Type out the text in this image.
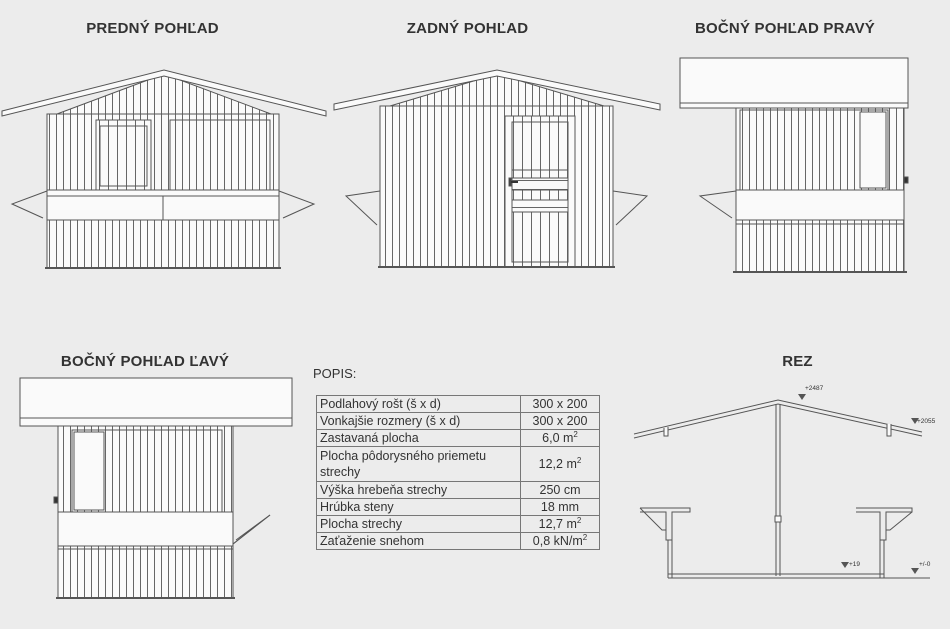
PREDNÝ POHĽAD	ZADNÝ POHĽAD	BOČNÝ POHĽAD PRAVÝ
BOČNÝ POHĽAD ĽAVÝ	REZ
+2487
+2055
+19	+/-0
POPIS:
Podlahový rošt (š x d)	300 x 200
Vonkajšie rozmery (š x d)	300 x 200
Zastavaná plocha	6,0 $m^2$
Plocha pôdorysného priemetu strechy	12,2 $m^2$
Výška hrebeňa strechy	250 cm
Hrúbka steny	18 mm
Plocha strechy	12,7 $m^2$
Zaťaženie snehom	0,8 $kN/m^2$
